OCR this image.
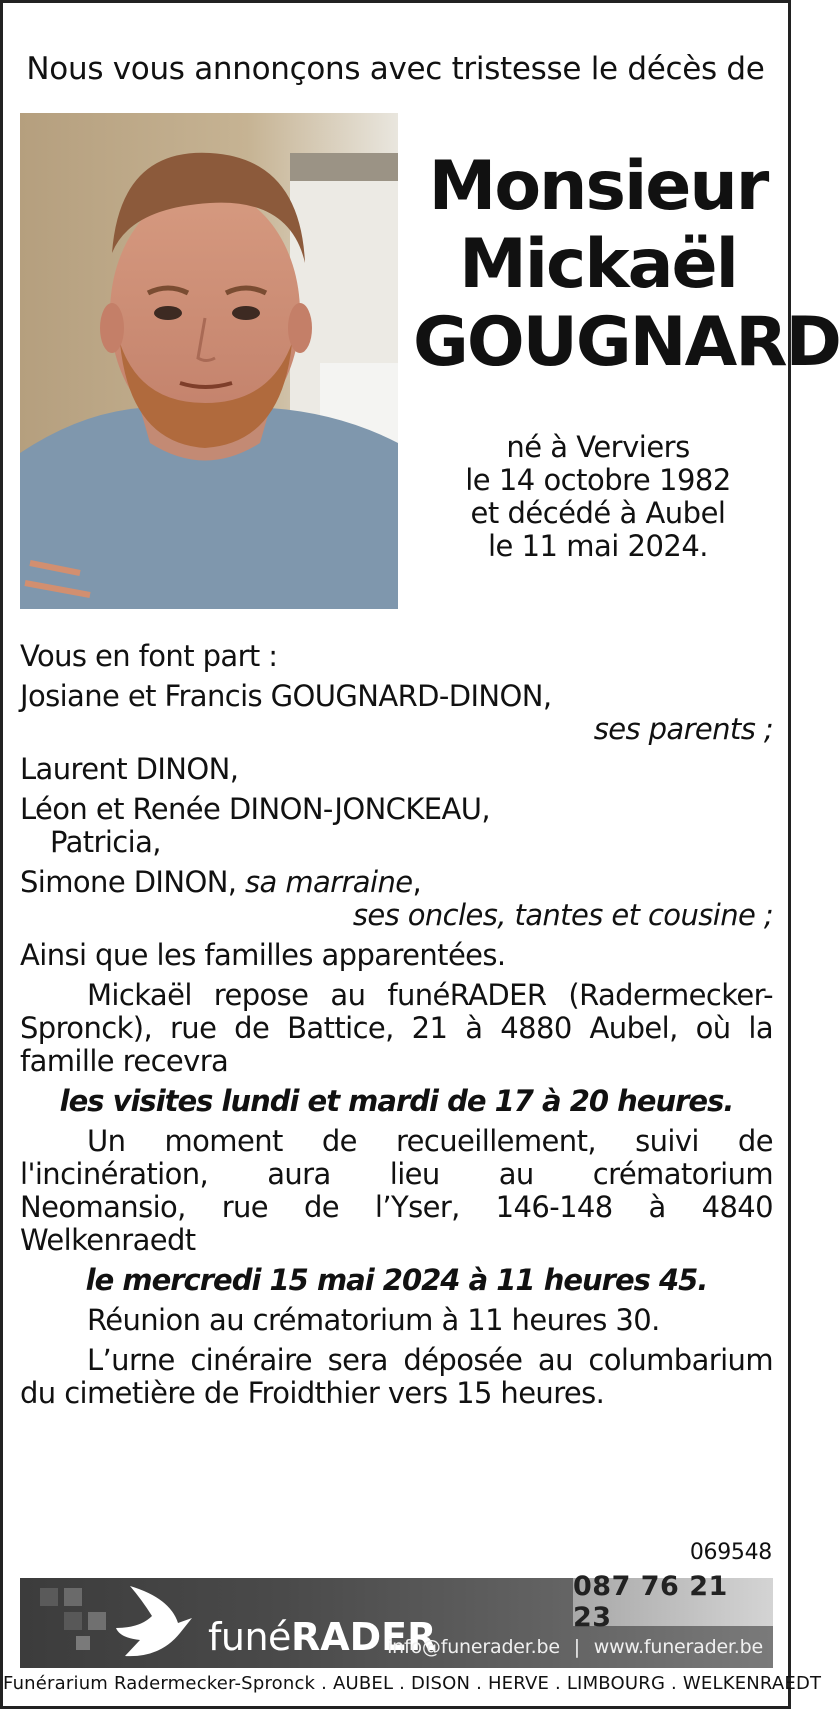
Nous vous annonçons avec tristesse le décès de
Monsieur
Mickaël
GOUGNARD
né à Verviers
le 14 octobre 1982
et décédé à Aubel
le 11 mai 2024.
Vous en font part :
Josiane et Francis GOUGNARD-DINON,
ses parents ;
Laurent DINON,
Léon et Renée DINON-JONCKEAU,
Patricia,
Simone DINON, sa marraine,
ses oncles, tantes et cousine ;
Ainsi que les familles apparentées.
Mickaël repose au funéRADER (Radermecker-
Spronck), rue de Battice, 21 à 4880 Aubel, où la
famille recevra
les visites lundi et mardi de 17 à 20 heures.
Un moment de recueillement, suivi de
l'incinération, aura lieu au crématorium
Neomansio, rue de l’Yser, 146-148 à 4840
Welkenraedt
le mercredi 15 mai 2024 à 11 heures 45.
Réunion au crématorium à 11 heures 30.
L’urne cinéraire sera déposée au columbarium
du cimetière de Froidthier vers 15 heures.
069548
funéRADER
087 76 21 23
info@funerader.be | www.funerader.be
Funérarium Radermecker-Spronck . AUBEL . DISON . HERVE . LIMBOURG . WELKENRAEDT
